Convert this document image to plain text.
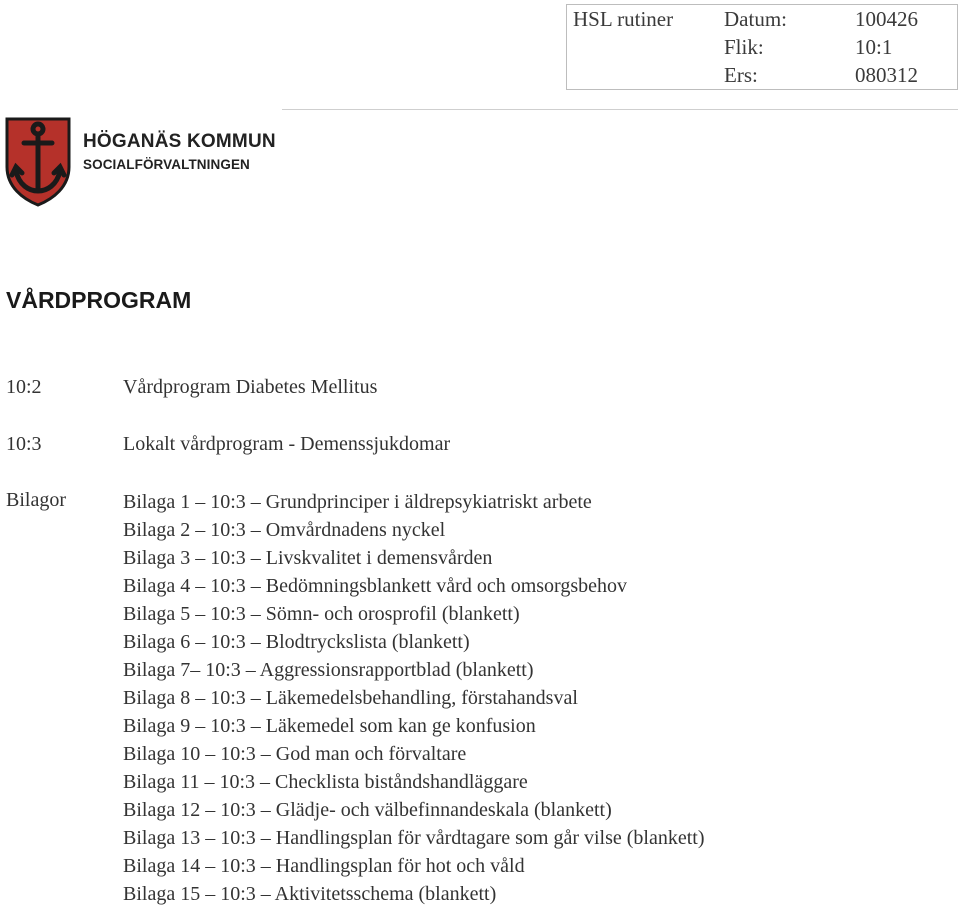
HSL rutiner Datum:	100426
Flik:	10:1
Ers:	080312
HÖGANÄS KOMMUN
SOCIALFÖRVALTNINGEN
VÅRDPROGRAM
10:2	Vårdprogram Diabetes Mellitus
10:3	Lokalt vårdprogram - Demenssjukdomar
Bilagor	Bilaga 1 – 10:3 – Grundprinciper i äldrepsykiatriskt arbete
Bilaga 2 – 10:3 – Omvårdnadens nyckel
Bilaga 3 – 10:3 – Livskvalitet i demensvården
Bilaga 4 – 10:3 – Bedömningsblankett vård och omsorgsbehov
Bilaga 5 – 10:3 – Sömn- och orosprofil (blankett)
Bilaga 6 – 10:3 – Blodtryckslista (blankett)
Bilaga 7– 10:3 – Aggressionsrapportblad (blankett)
Bilaga 8 – 10:3 – Läkemedelsbehandling, förstahandsval
Bilaga 9 – 10:3 – Läkemedel som kan ge konfusion
Bilaga 10 – 10:3 – God man och förvaltare
Bilaga 11 – 10:3 – Checklista biståndshandläggare
Bilaga 12 – 10:3 – Glädje- och välbefinnandeskala (blankett)
Bilaga 13 – 10:3 – Handlingsplan för vårdtagare som går vilse (blankett)
Bilaga 14 – 10:3 – Handlingsplan för hot och våld
Bilaga 15 – 10:3 – Aktivitetsschema (blankett)
